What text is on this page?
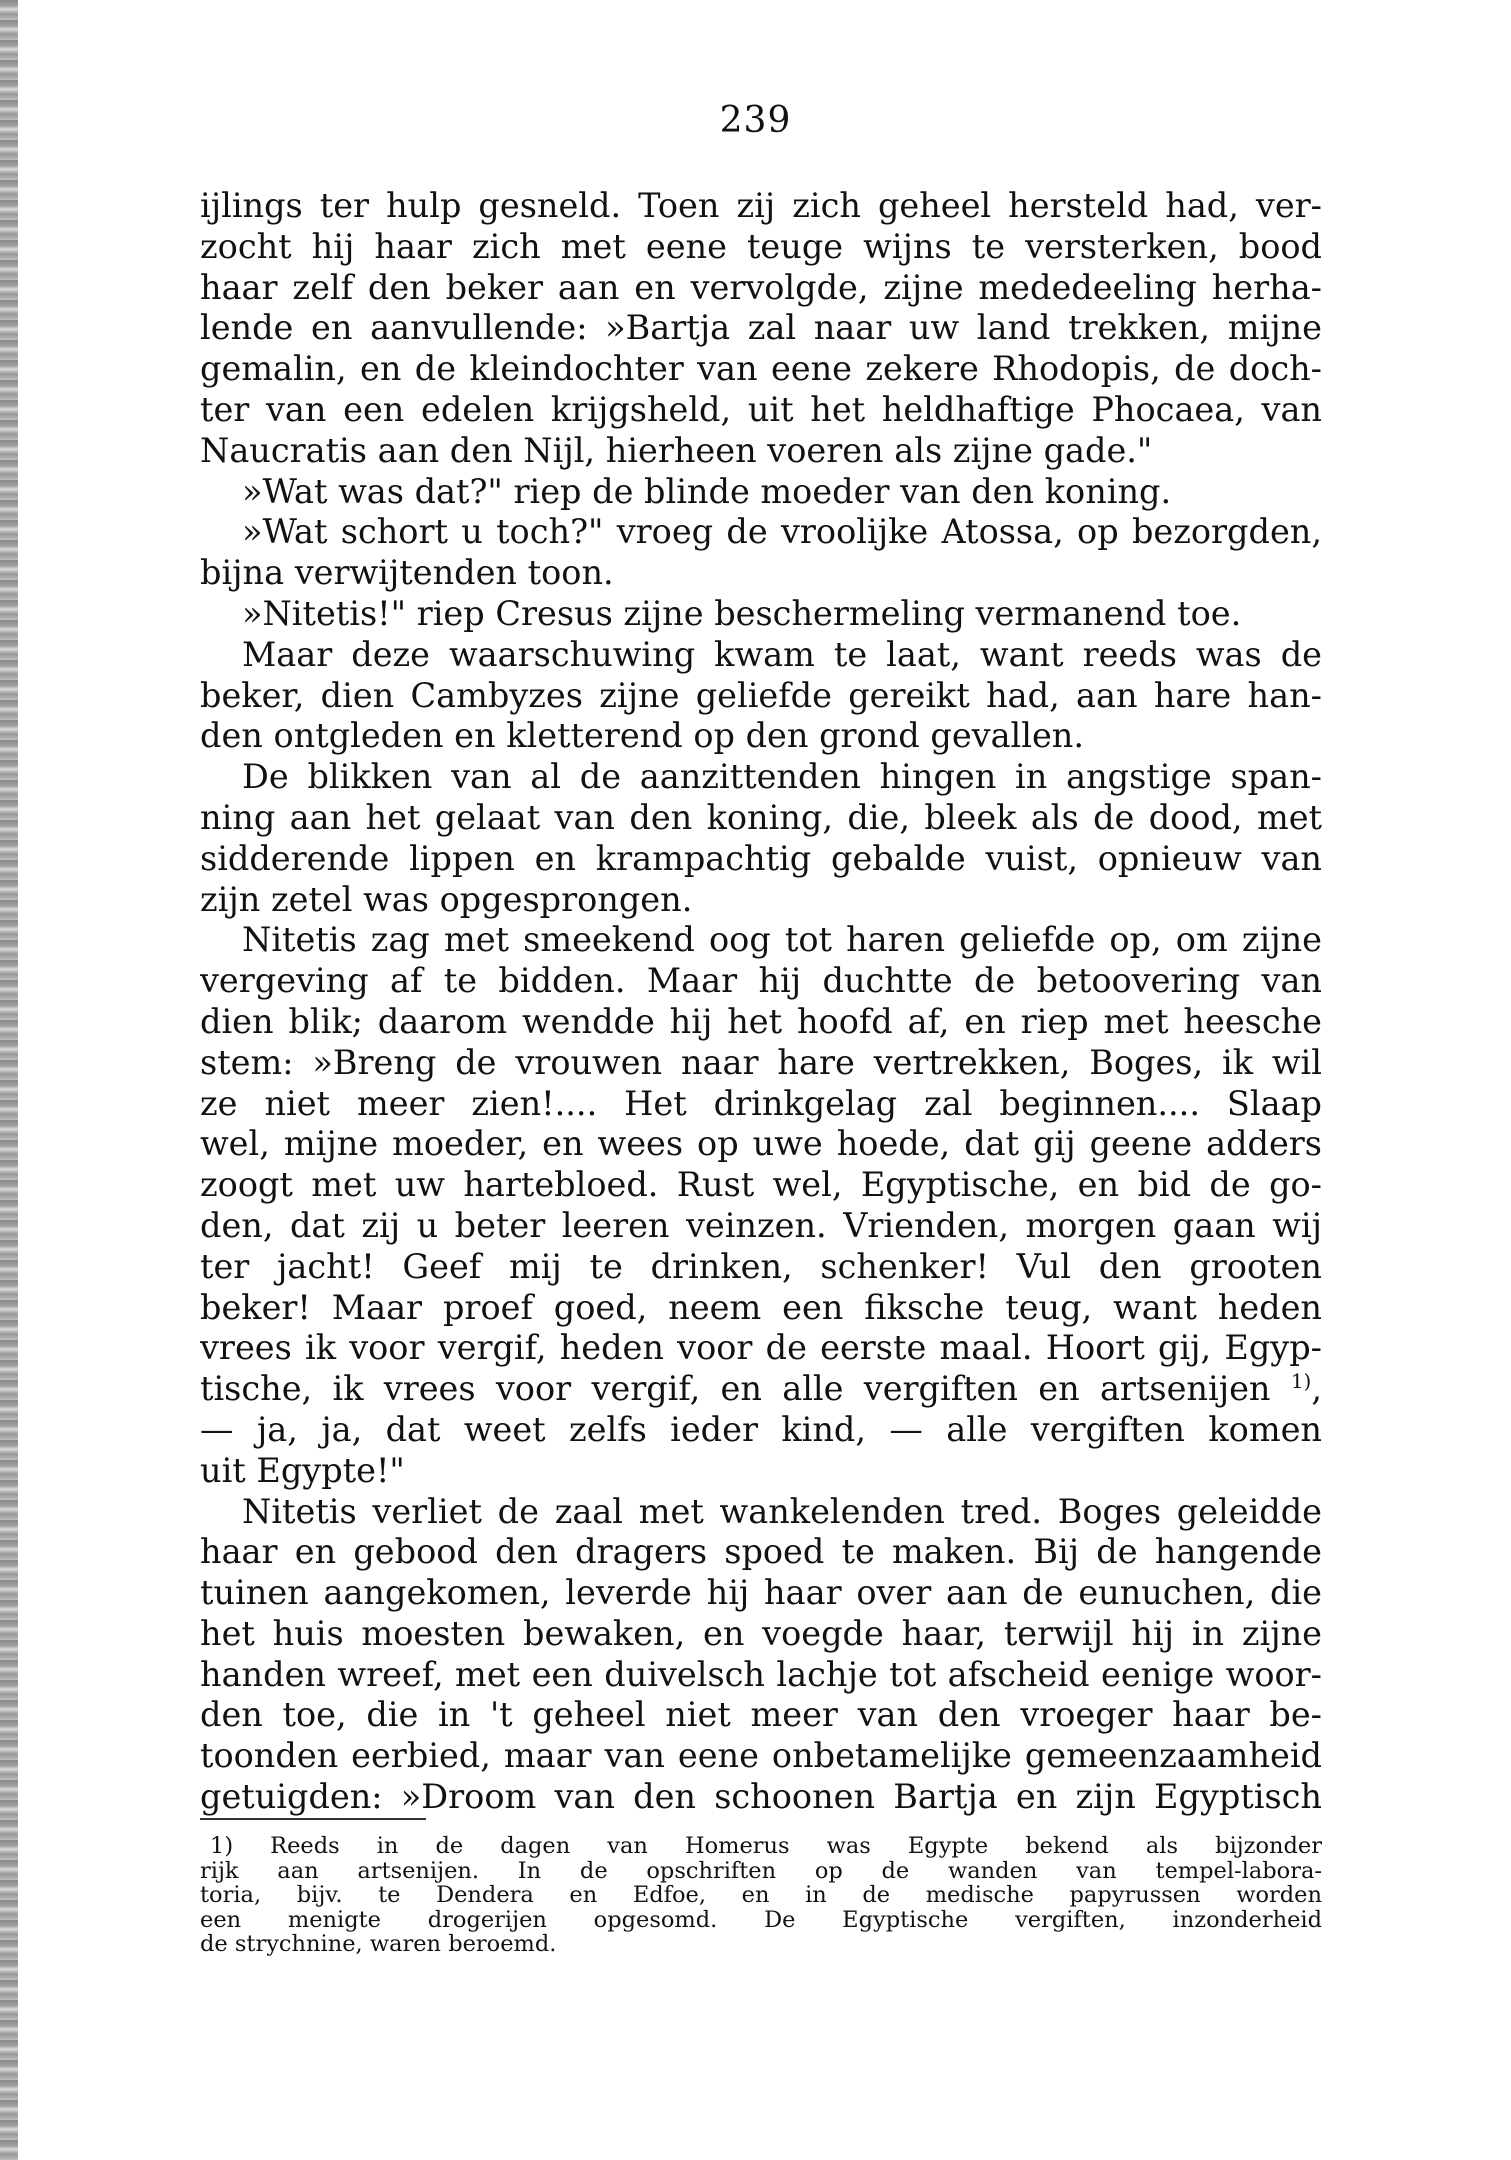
239
ijlings ter hulp gesneld. Toen zij zich geheel hersteld had, ver-
zocht hij haar zich met eene teuge wijns te versterken, bood
haar zelf den beker aan en vervolgde, zijne mededeeling herha-
lende en aanvullende: »Bartja zal naar uw land trekken, mijne
gemalin, en de kleindochter van eene zekere Rhodopis, de doch-
ter van een edelen krijgsheld, uit het heldhaftige Phocaea, van
Naucratis aan den Nijl, hierheen voeren als zijne gade."
»Wat was dat?" riep de blinde moeder van den koning.
»Wat schort u toch?" vroeg de vroolijke Atossa, op bezorgden,
bijna verwijtenden toon.
»Nitetis!" riep Cresus zijne beschermeling vermanend toe.
Maar deze waarschuwing kwam te laat, want reeds was de
beker, dien Cambyzes zijne geliefde gereikt had, aan hare han-
den ontgleden en kletterend op den grond gevallen.
De blikken van al de aanzittenden hingen in angstige span-
ning aan het gelaat van den koning, die, bleek als de dood, met
sidderende lippen en krampachtig gebalde vuist, opnieuw van
zijn zetel was opgesprongen.
Nitetis zag met smeekend oog tot haren geliefde op, om zijne
vergeving af te bidden. Maar hij duchtte de betoovering van
dien blik; daarom wendde hij het hoofd af, en riep met heesche
stem: »Breng de vrouwen naar hare vertrekken, Boges, ik wil
ze niet meer zien!.... Het drinkgelag zal beginnen.... Slaap
wel, mijne moeder, en wees op uwe hoede, dat gij geene adders
zoogt met uw hartebloed. Rust wel, Egyptische, en bid de go-
den, dat zij u beter leeren veinzen. Vrienden, morgen gaan wij
ter jacht! Geef mij te drinken, schenker! Vul den grooten
beker! Maar proef goed, neem een fiksche teug, want heden
vrees ik voor vergif, heden voor de eerste maal. Hoort gij, Egyp-
tische, ik vrees voor vergif, en alle vergiften en artsenijen $^{1)}$,
— ja, ja, dat weet zelfs ieder kind, — alle vergiften komen
uit Egypte!"
Nitetis verliet de zaal met wankelenden tred. Boges geleidde
haar en gebood den dragers spoed te maken. Bij de hangende
tuinen aangekomen, leverde hij haar over aan de eunuchen, die
het huis moesten bewaken, en voegde haar, terwijl hij in zijne
handen wreef, met een duivelsch lachje tot afscheid eenige woor-
den toe, die in 't geheel niet meer van den vroeger haar be-
toonden eerbied, maar van eene onbetamelijke gemeenzaamheid
getuigden: »Droom van den schoonen Bartja en zijn Egyptisch
1) Reeds in de dagen van Homerus was Egypte bekend als bijzonder
rijk aan artsenijen. In de opschriften op de wanden van tempel-labora-
toria, bijv. te Dendera en Edfoe, en in de medische papyrussen worden
een menigte drogerijen opgesomd. De Egyptische vergiften, inzonderheid
de strychnine, waren beroemd.
